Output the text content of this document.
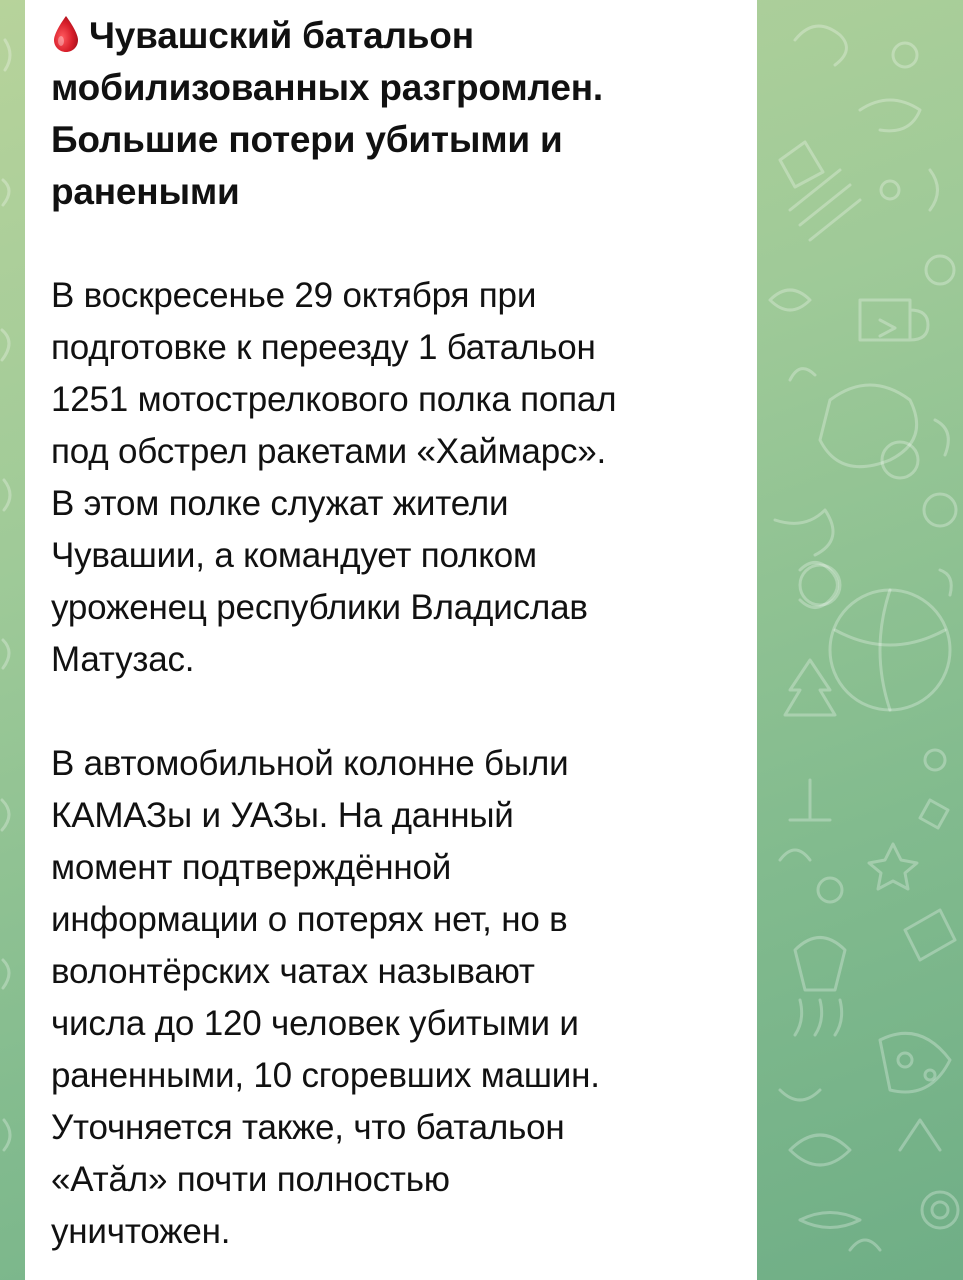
Чувашский батальон
мобилизованных разгромлен.
Большие потери убитыми и
ранеными

В воскресенье 29 октября при
подготовке к переезду 1 батальон
1251 мотострелкового полка попал
под обстрел ракетами «Хаймарс».
В этом полке служат жители
Чувашии, а командует полком
уроженец республики Владислав
Матузас.

В автомобильной колонне были
КАМАЗы и УАЗы. На данный
момент подтверждённой
информации о потерях нет, но в
волонтёрских чатах называют
числа до 120 человек убитыми и
раненными, 10 сгоревших машин.
Уточняется также, что батальон
«Атӑл» почти полностью
уничтожен.
